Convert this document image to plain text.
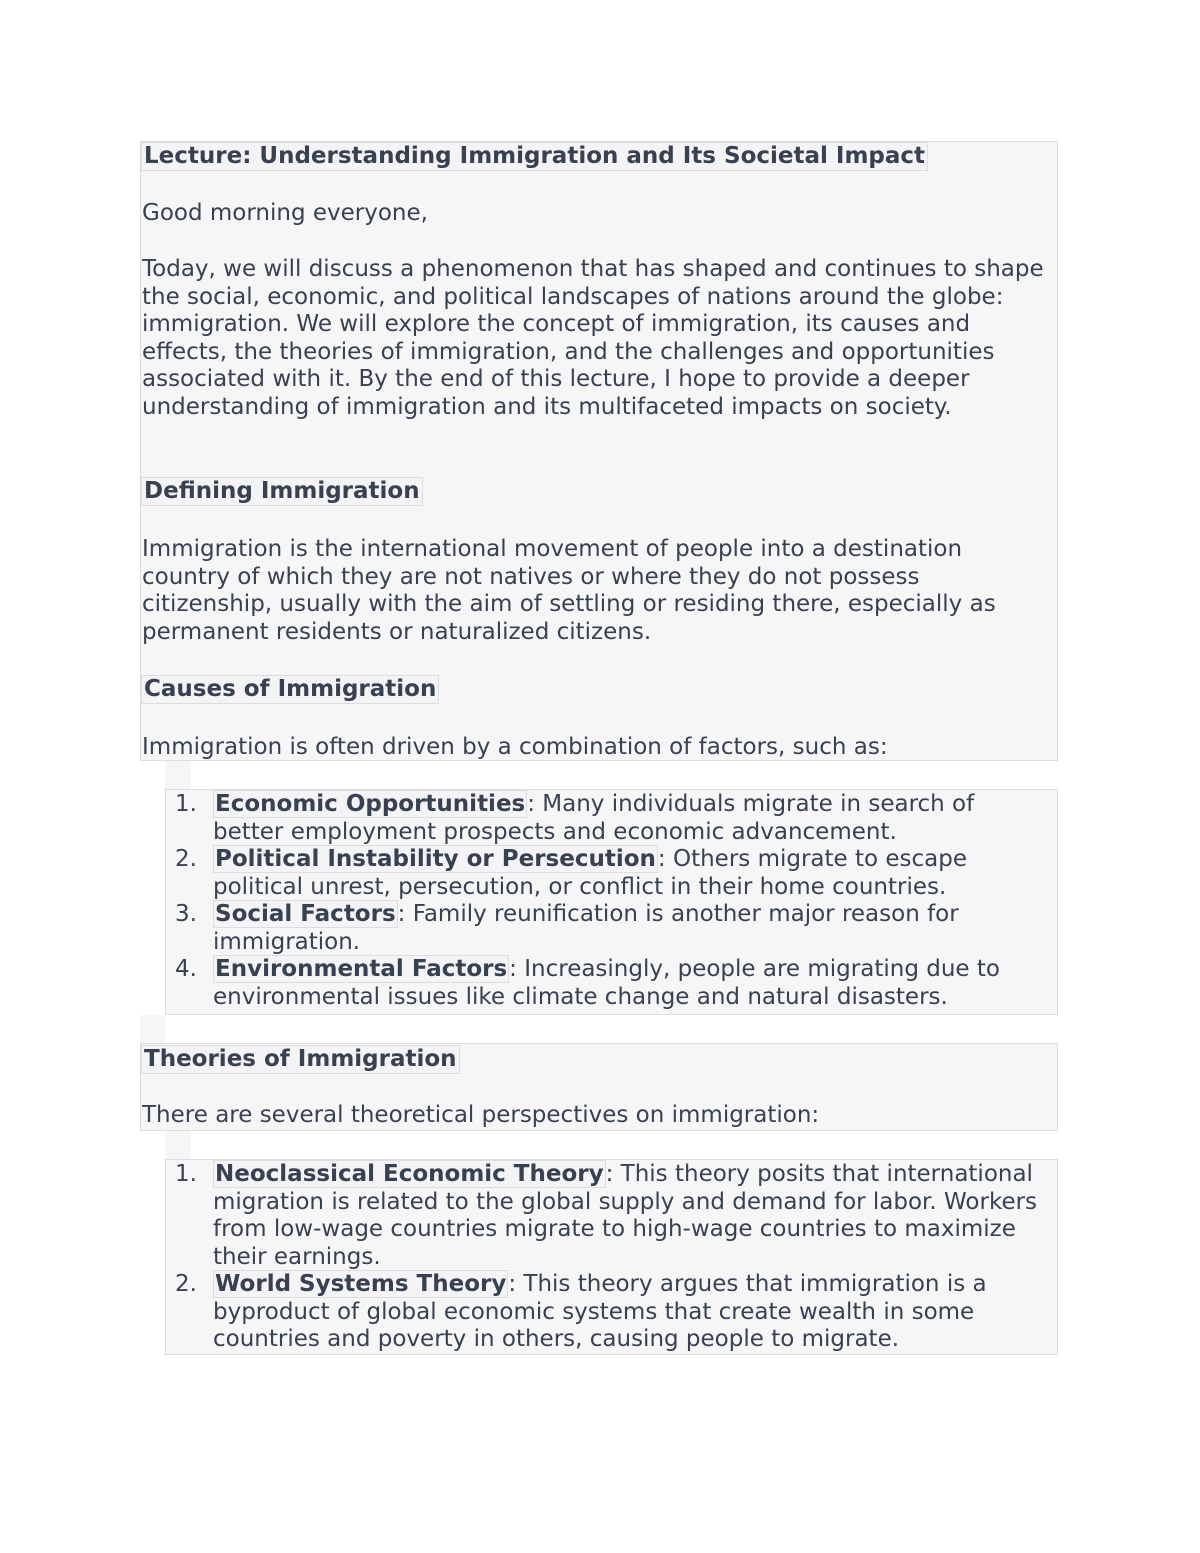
Lecture: Understanding Immigration and Its Societal Impact

Good morning everyone,

Today, we will discuss a phenomenon that has shaped and continues to shape the social, economic, and political landscapes of nations around the globe: immigration. We will explore the concept of immigration, its causes and effects, the theories of immigration, and the challenges and opportunities associated with it. By the end of this lecture, I hope to provide a deeper understanding of immigration and its multifaceted impacts on society.

Defining Immigration

Immigration is the international movement of people into a destination country of which they are not natives or where they do not possess citizenship, usually with the aim of settling or residing there, especially as permanent residents or naturalized citizens.

Causes of Immigration

Immigration is often driven by a combination of factors, such as:

1. Economic Opportunities: Many individuals migrate in search of better employment prospects and economic advancement.
2. Political Instability or Persecution: Others migrate to escape political unrest, persecution, or conflict in their home countries.
3. Social Factors: Family reunification is another major reason for immigration.
4. Environmental Factors: Increasingly, people are migrating due to environmental issues like climate change and natural disasters.
Theories of Immigration

There are several theoretical perspectives on immigration:

1. Neoclassical Economic Theory: This theory posits that international migration is related to the global supply and demand for labor. Workers from low-wage countries migrate to high-wage countries to maximize their earnings.
2. World Systems Theory: This theory argues that immigration is a byproduct of global economic systems that create wealth in some countries and poverty in others, causing people to migrate.
